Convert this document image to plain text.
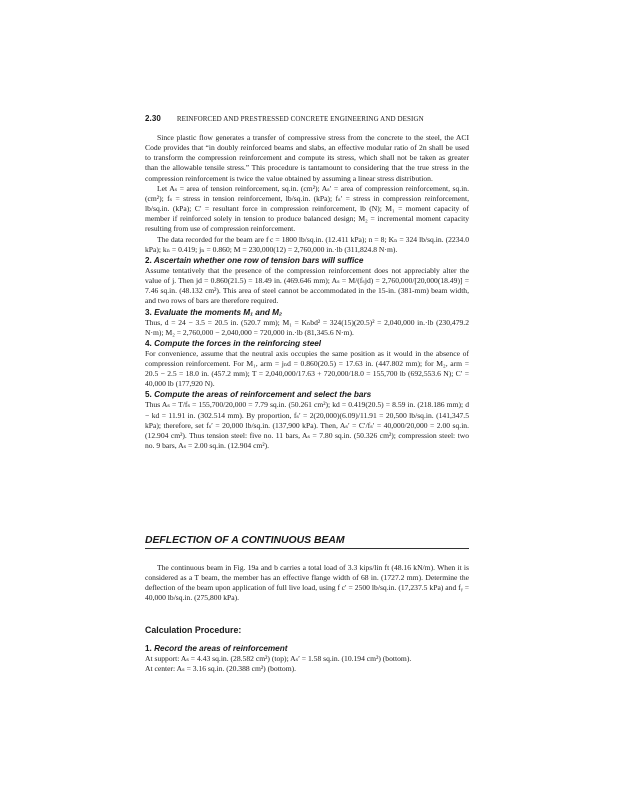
2.30 REINFORCED AND PRESTRESSED CONCRETE ENGINEERING AND DESIGN

Since plastic flow generates a transfer of compressive stress from the concrete to the steel, the ACI Code provides that “in doubly reinforced beams and slabs, an effective modular ratio of 2n shall be used to transform the compression reinforcement and compute its stress, which shall not be taken as greater than the allowable tensile stress.” This procedure is tantamount to considering that the true stress in the compression reinforcement is twice the value obtained by assuming a linear stress distribution.

Let Aₛ = area of tension reinforcement, sq.in. (cm²); Aₛ′ = area of compression reinforcement, sq.in. (cm²); fₛ = stress in tension reinforcement, lb/sq.in. (kPa); fₛ′ = stress in compression reinforcement, lb/sq.in. (kPa); C′ = resultant force in compression reinforcement, lb (N); M₁ = moment capacity of member if reinforced solely in tension to produce balanced design; M₂ = incremental moment capacity resulting from use of compression reinforcement.

The data recorded for the beam are f c = 1800 lb/sq.in. (12.411 kPa); n = 8; Kₙ = 324 lb/sq.in. (2234.0 kPa); kₙ = 0.419; jₙ = 0.860; M = 230,000(12) = 2,760,000 in.·lb (311,824.8 N·m).

2. Ascertain whether one row of tension bars will suffice

Assume tentatively that the presence of the compression reinforcement does not appreciably alter the value of j. Then jd = 0.860(21.5) = 18.49 in. (469.646 mm); Aₛ = M/(fₛjd) = 2,760,000/[20,000(18.49)] = 7.46 sq.in. (48.132 cm²). This area of steel cannot be accommodated in the 15-in. (381-mm) beam width, and two rows of bars are therefore required.

3. Evaluate the moments M₁ and M₂

Thus, d = 24 − 3.5 = 20.5 in. (520.7 mm); M₁ = Kₙbd² = 324(15)(20.5)² = 2,040,000 in.·lb (230,479.2 N·m); M₂ = 2,760,000 − 2,040,000 = 720,000 in.·lb (81,345.6 N·m).

4. Compute the forces in the reinforcing steel

For convenience, assume that the neutral axis occupies the same position as it would in the absence of compression reinforcement. For M₁, arm = jₙd = 0.860(20.5) = 17.63 in. (447.802 mm); for M₂, arm = 20.5 − 2.5 = 18.0 in. (457.2 mm); T = 2,040,000/17.63 + 720,000/18.0 = 155,700 lb (692,553.6 N); C′ = 40,000 lb (177,920 N).

5. Compute the areas of reinforcement and select the bars

Thus Aₛ = T/fₛ = 155,700/20,000 = 7.79 sq.in. (50.261 cm²); kd = 0.419(20.5) = 8.59 in. (218.186 mm); d − kd = 11.91 in. (302.514 mm). By proportion, fₛ′ = 2(20,000)(6.09)/11.91 = 20,500 lb/sq.in. (141,347.5 kPa); therefore, set fₛ′ = 20,000 lb/sq.in. (137,900 kPa). Then, Aₛ′ = C′/fₛ′ = 40,000/20,000 = 2.00 sq.in. (12.904 cm²). Thus tension steel: five no. 11 bars, Aₛ = 7.80 sq.in. (50.326 cm²); compression steel: two no. 9 bars, Aₛ = 2.00 sq.in. (12.904 cm²).

DEFLECTION OF A CONTINUOUS BEAM

The continuous beam in Fig. 19a and b carries a total load of 3.3 kips/lin ft (48.16 kN/m). When it is considered as a T beam, the member has an effective flange width of 68 in. (1727.2 mm). Determine the deflection of the beam upon application of full live load, using f c′ = 2500 lb/sq.in. (17,237.5 kPa) and fᵧ = 40,000 lb/sq.in. (275,800 kPa).

Calculation Procedure:
1. Record the areas of reinforcement

At support: Aₛ = 4.43 sq.in. (28.582 cm²) (top); Aₛ′ = 1.58 sq.in. (10.194 cm²) (bottom).

At center: Aₛ = 3.16 sq.in. (20.388 cm²) (bottom).
